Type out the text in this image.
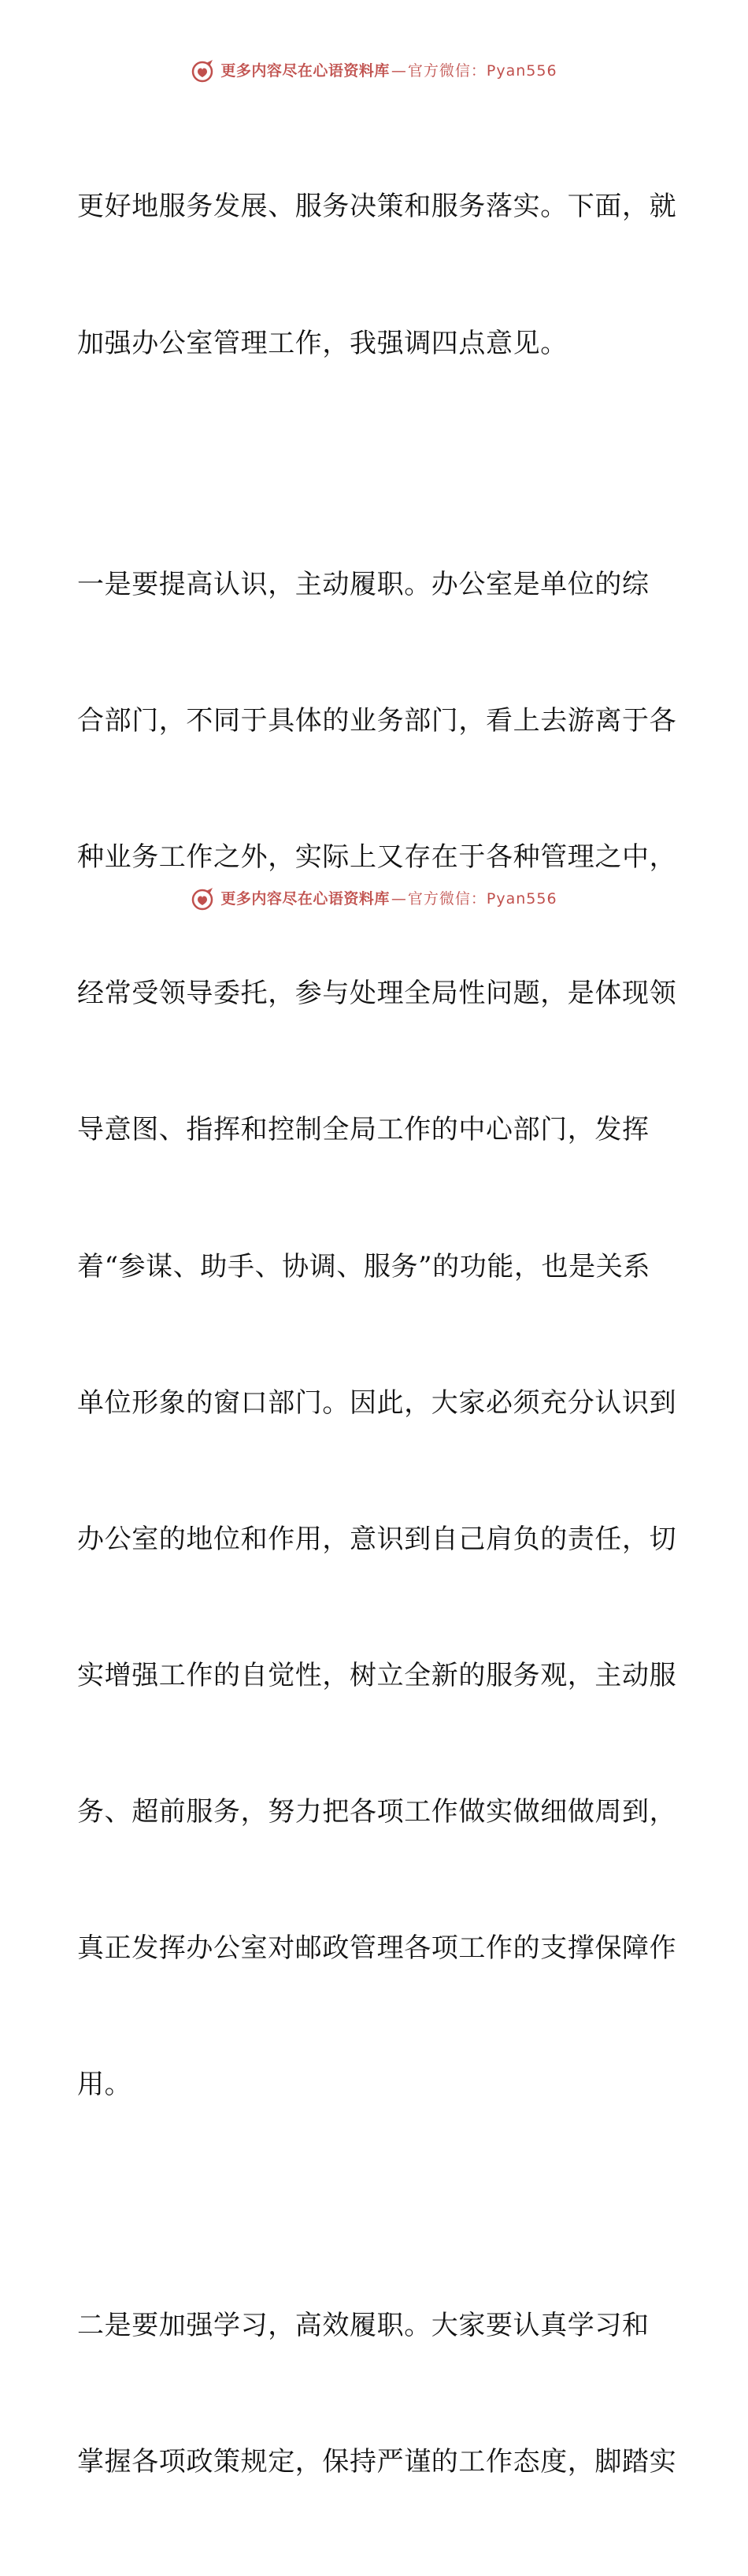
更多内容尽在心语资料库 — 官方微信：Pyan556

更好地服务发展、服务决策和服务落实。下面，就

加强办公室管理工作，我强调四点意见。

一是要提高认识，主动履职。办公室是单位的综

合部门，不同于具体的业务部门，看上去游离于各

种业务工作之外，实际上又存在于各种管理之中，

经常受领导委托，参与处理全局性问题，是体现领

导意图、指挥和控制全局工作的中心部门，发挥

着“参谋、助手、协调、服务”的功能，也是关系

单位形象的窗口部门。因此，大家必须充分认识到

办公室的地位和作用，意识到自己肩负的责任，切

实增强工作的自觉性，树立全新的服务观，主动服

务、超前服务，努力把各项工作做实做细做周到，

真正发挥办公室对邮政管理各项工作的支撑保障作

用。

二是要加强学习，高效履职。大家要认真学习和

掌握各项政策规定，保持严谨的工作态度，脚踏实

更多内容尽在心语资料库 — 官方微信：Pyan556
